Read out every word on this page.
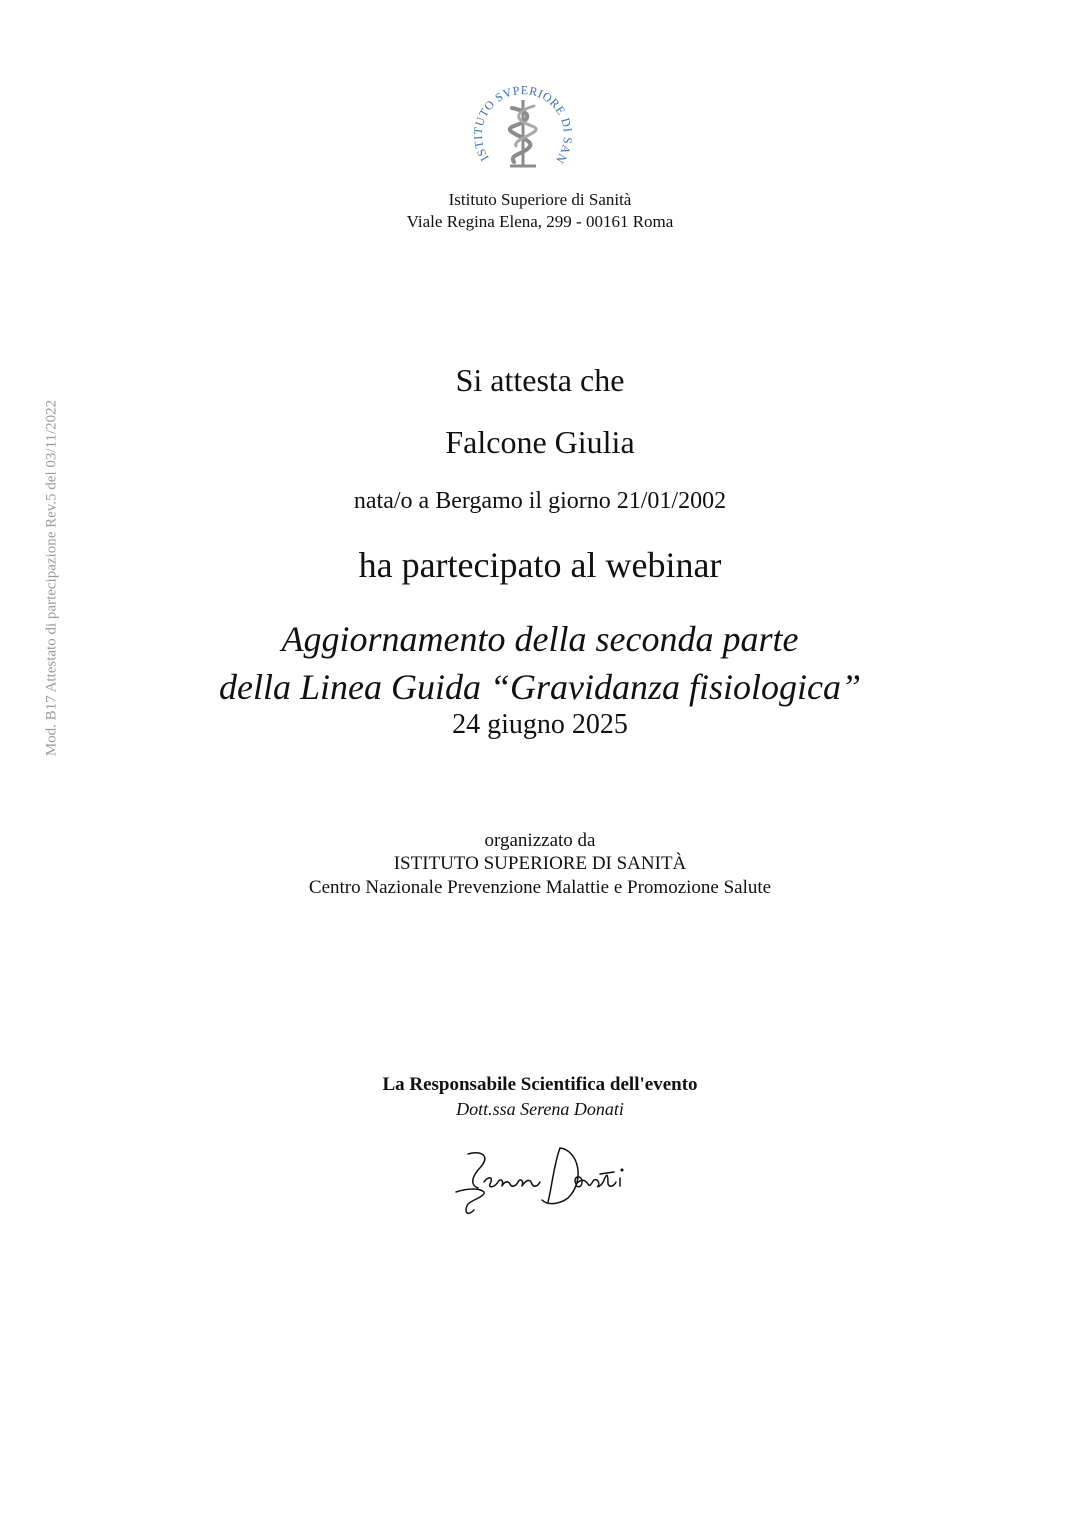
Mod. B17 Attestato di partecipazione Rev.5 del 03/11/2022
ISTITUTO SVPERIORE DI SAN
Istituto Superiore di Sanità
Viale Regina Elena, 299 - 00161 Roma
Si attesta che
Falcone Giulia
nata/o a Bergamo il giorno 21/01/2002
ha partecipato al webinar
Aggiornamento della seconda parte
della Linea Guida “Gravidanza fisiologica”
24 giugno 2025
organizzato da
ISTITUTO SUPERIORE DI SANITÀ
Centro Nazionale Prevenzione Malattie e Promozione Salute
La Responsabile Scientifica dell'evento
Dott.ssa Serena Donati
